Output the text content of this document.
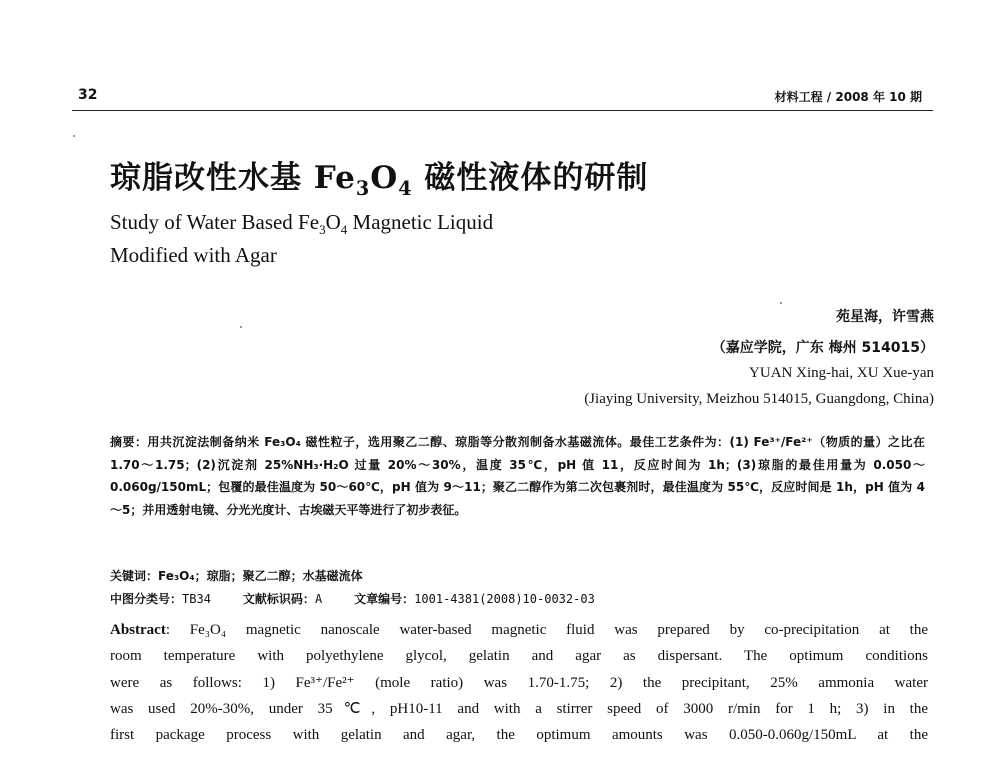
32	材料工程 / 2008 年 10 期
琼脂改性水基 $Fe_3O_4$ 磁性液体的研制
Study of Water Based $Fe_3O_4$ Magnetic Liquid
Modified with Agar
苑星海，许雪燕
（嘉应学院，广东 梅州 514015）
YUAN Xing-hai, XU Xue-yan
(Jiaying University, Meizhou 514015, Guangdong, China)
摘要：用共沉淀法制备纳米 Fe₃O₄ 磁性粒子，选用聚乙二醇、琼脂等分散剂制备水基磁流体。最佳工艺条件为：(1) Fe³⁺/Fe²⁺（物质的量）之比在 1.70～1.75；(2)沉淀剂 25%NH₃·H₂O 过量 20%～30%，温度 35℃，pH 值 11，反应时间为 1h；(3)琼脂的最佳用量为 0.050～0.060g/150mL；包覆的最佳温度为 50～60℃，pH 值为 9～11；聚乙二醇作为第二次包裹剂时，最佳温度为 55℃，反应时间是 1h，pH 值为 4～5；并用透射电镜、分光光度计、古埃磁天平等进行了初步表征。
关键词：Fe₃O₄；琼脂；聚乙二醇；水基磁流体
中图分类号：TB34	文献标识码：A	文章编号：1001-4381(2008)10-0032-03
Abstract: Fe₃O₄ magnetic nanoscale water-based magnetic fluid was prepared by co-precipitation at the
room temperature with polyethylene glycol, gelatin and agar as dispersant. The optimum conditions
were as follows: 1) Fe³⁺/Fe²⁺ (mole ratio) was 1.70-1.75; 2) the precipitant, 25% ammonia water
was used 20%-30%, under 35℃, pH10-11 and with a stirrer speed of 3000 r/min for 1 h; 3) in the
first package process with gelatin and agar, the optimum amounts was 0.050-0.060g/150mL at the
